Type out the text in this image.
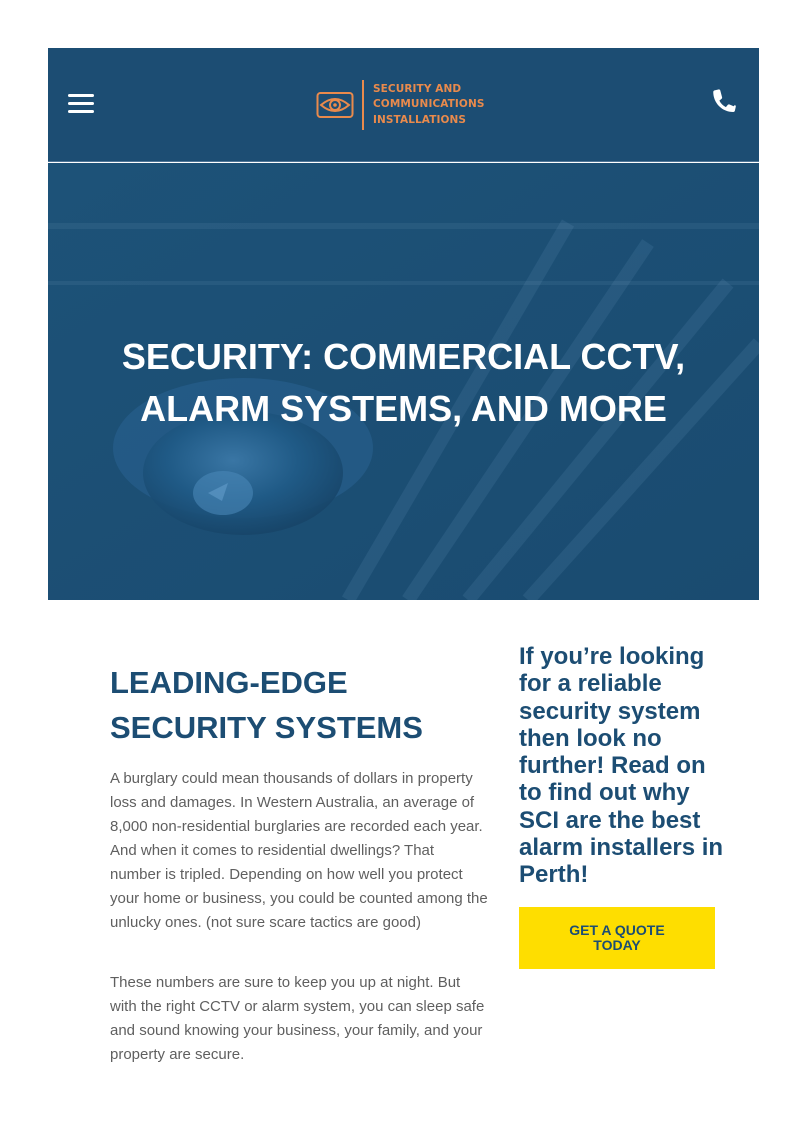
SECURITY AND
COMMUNICATIONS
INSTALLATIONS
SECURITY: COMMERCIAL CCTV, ALARM SYSTEMS, AND MORE
LEADING-EDGE SECURITY SYSTEMS

A burglary could mean thousands of dollars in property loss and damages. In Western Australia, an average of 8,000 non-residential burglaries are recorded each year. And when it comes to residential dwellings? That number is tripled. Depending on how well you protect your home or business, you could be counted among the unlucky ones. (not sure scare tactics are good)

These numbers are sure to keep you up at night. But with the right CCTV or alarm system, you can sleep safe and sound knowing your business, your family, and your property are secure.

If you’re looking for a reliable security system then look no further! Read on to find out why SCI are the best alarm installers in Perth!
GET A QUOTE TODAY
